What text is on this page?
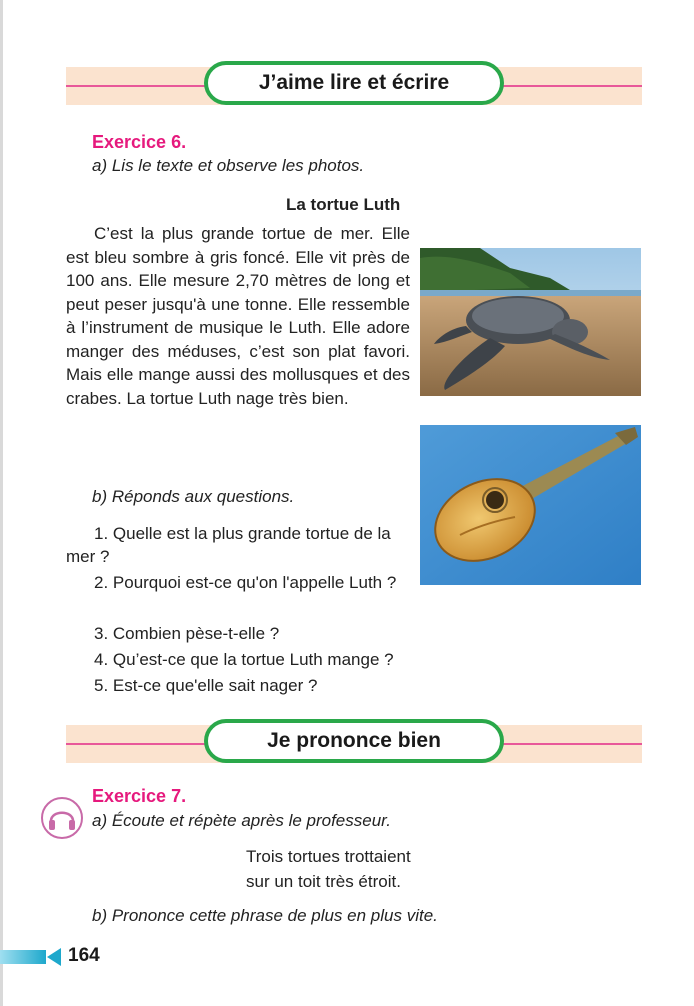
J’aime lire et écrire
Exercice 6.
a) Lis le texte et observe les photos.
La tortue Luth
C’est la plus grande tortue de mer. Elle est bleu sombre à gris foncé. Elle vit près de 100 ans. Elle mesure 2,70 mètres de long et peut peser jusqu'à une tonne. Elle ressemble à l’instrument de musique le Luth. Elle adore manger des méduses, c’est son plat favori. Mais elle mange aussi des mollusques et des crabes. La tortue Luth nage très bien.
b) Réponds aux questions.
1. Quelle est la plus grande tortue de la mer ?
2. Pourquoi est-ce qu'on l'appelle Luth ?
3. Combien pèse-t-elle ?
4. Qu’est-ce que la tortue Luth mange ?
5. Est-ce que'elle sait nager ?
Je prononce bien
Exercice 7.
a) Écoute et répète après le professeur.
Trois tortues trottaient
sur un toit très étroit.
b) Prononce cette phrase de plus en plus vite.
164
